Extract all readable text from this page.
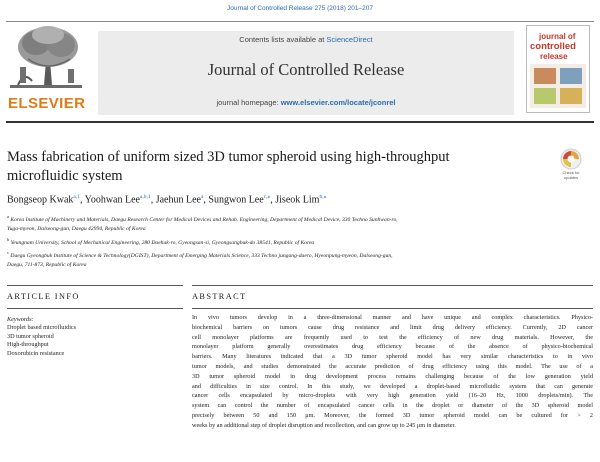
Journal of Controlled Release 275 (2018) 201–207
ELSEVIER
Contents lists available at ScienceDirect
Journal of Controlled Release
journal homepage: www.elsevier.com/locate/jconrel
journal of
controlled
release
Mass fabrication of uniform sized 3D tumor spheroid using high-throughput
microfluidic system	Check for
updates
Bongseop Kwak$^{a,1}$, Yoohwan Lee$^{a,b,1}$, Jaehun Lee$^a$, Sungwon Lee$^{c,⁎}$, Jiseok Lim$^{b,⁎}$
$^a$ Korea Institute of Machinery and Materials, Daegu Research Center for Medical Devices and Rehab. Engineering, Department of Medical Device, 330 Techno Sunhwan-ro,
Yuga-myeon, Dalseong-gun, Daegu 42994, Republic of Korea
$^b$ Yeungnam University, School of Mechanical Engineering, 280 Daehak-ro, Gyeongsan-si, Gyeongsangbuk-do 38541, Republic of Korea
$^c$ Daegu Gyeongbuk Institute of Science & Technology(DGIST), Department of Emerging Materials Science, 333 Techno jungang-daero, Hyeonpung-myeon, Dalseong-gun,
Daegu, 711-873, Republic of Korea
ARTICLE INFO	ABSTRACT
Keywords:
Droplet based microfluidics
3D tumor spheroid
High-throughput
Doxorubicin resistance
In vivo tumors develop in a three-dimensional manner and have unique and complex characteristics. Physico-
biochemical barriers on tumors cause drug resistance and limit drug delivery efficiency. Currently, 2D cancer
cell monolayer platforms are frequently used to test the efficiency of new drug materials. However, the
monolayer platform generally overestimates drug efficiency because of the absence of physico-biochemical
barriers. Many literatures indicated that a 3D tumor spheroid model has very similar characteristics to in vivo
tumor models, and studies demonstrated the accurate prediction of drug efficiency using this model. The use of a
3D tumor spheroid model in drug development process remains challenging because of the low generation yield
and difficulties in size control. In this study, we developed a droplet-based microfluidic system that can generate
cancer cells encapsulated by micro-droplets with very high generation yield (16–20 Hz, 1000 droplets/min). The
system can control the number of encapsulated cancer cells in the droplet or diameter of the 3D spheroid model
precisely between 50 and 150 μm. Moreover, the formed 3D tumor spheroid model can be cultured for > 2
weeks by an additional step of droplet disruption and recollection, and can grow up to 245 μm in diameter.
